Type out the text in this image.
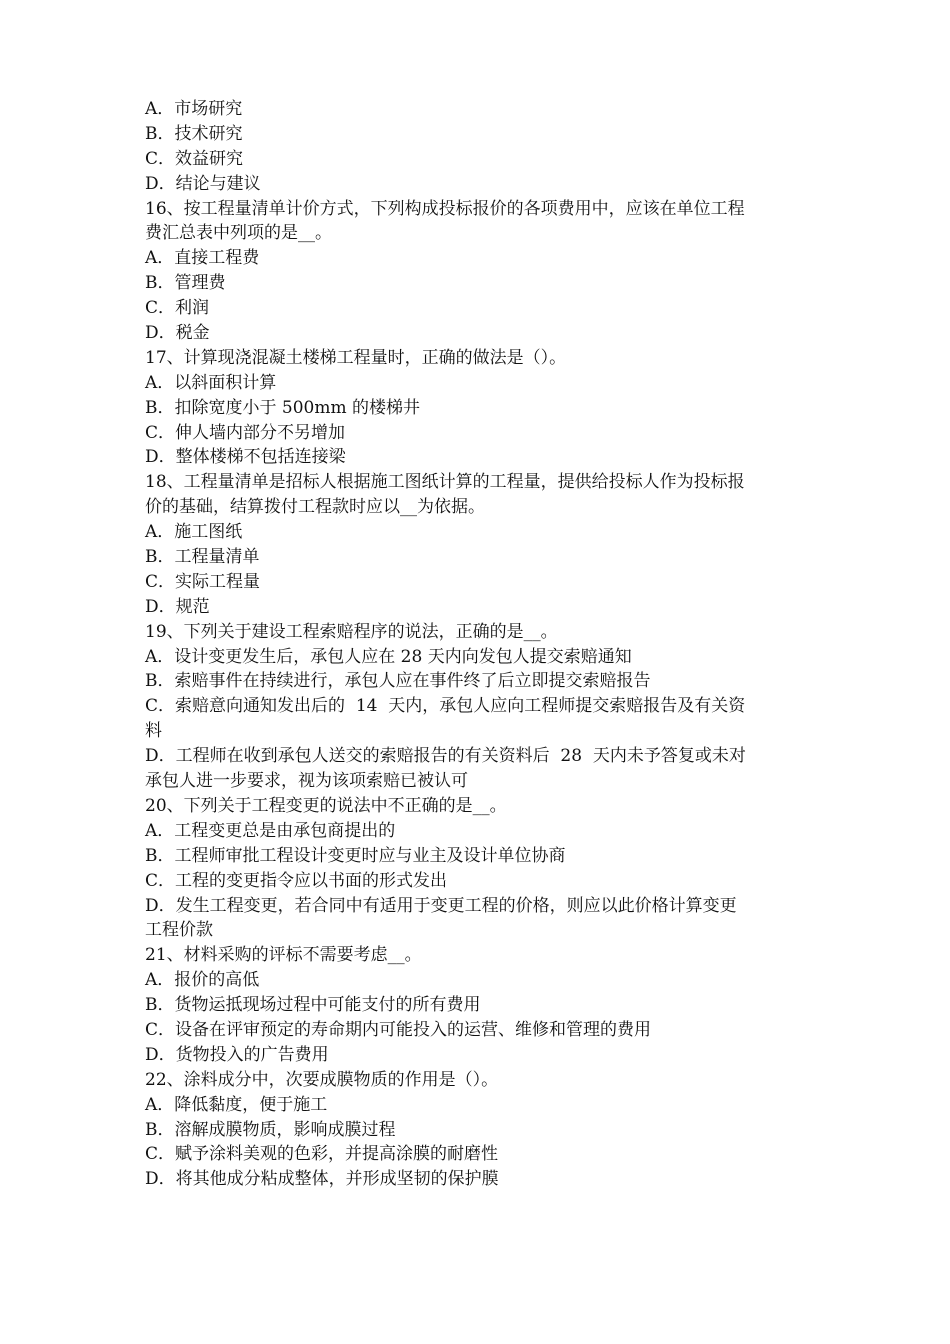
A．市场研究
B．技术研究
C．效益研究
D．结论与建议
16、按工程量清单计价方式，下列构成投标报价的各项费用中，应该在单位工程
费汇总表中列项的是__。
A．直接工程费
B．管理费
C．利润
D．税金
17、计算现浇混凝土楼梯工程量时，正确的做法是（）。
A．以斜面积计算
B．扣除宽度小于 500mm 的楼梯井
C．伸人墙内部分不另增加
D．整体楼梯不包括连接梁
18、工程量清单是招标人根据施工图纸计算的工程量，提供给投标人作为投标报
价的基础，结算拨付工程款时应以__为依据。
A．施工图纸
B．工程量清单
C．实际工程量
D．规范
19、下列关于建设工程索赔程序的说法，正确的是__。
A．设计变更发生后，承包人应在 28 天内向发包人提交索赔通知
B．索赔事件在持续进行，承包人应在事件终了后立即提交索赔报告
C．索赔意向通知发出后的  14  天内，承包人应向工程师提交索赔报告及有关资
料
D．工程师在收到承包人送交的索赔报告的有关资料后  28  天内未予答复或未对
承包人进一步要求，视为该项索赔已被认可
20、下列关于工程变更的说法中不正确的是__。
A．工程变更总是由承包商提出的
B．工程师审批工程设计变更时应与业主及设计单位协商
C．工程的变更指令应以书面的形式发出
D．发生工程变更，若合同中有适用于变更工程的价格，则应以此价格计算变更
工程价款
21、材料采购的评标不需要考虑__。
A．报价的高低
B．货物运抵现场过程中可能支付的所有费用
C．设备在评审预定的寿命期内可能投入的运营、维修和管理的费用
D．货物投入的广告费用
22、涂料成分中，次要成膜物质的作用是（）。
A．降低黏度，便于施工
B．溶解成膜物质，影响成膜过程
C．赋予涂料美观的色彩，并提高涂膜的耐磨性
D．将其他成分粘成整体，并形成坚韧的保护膜
